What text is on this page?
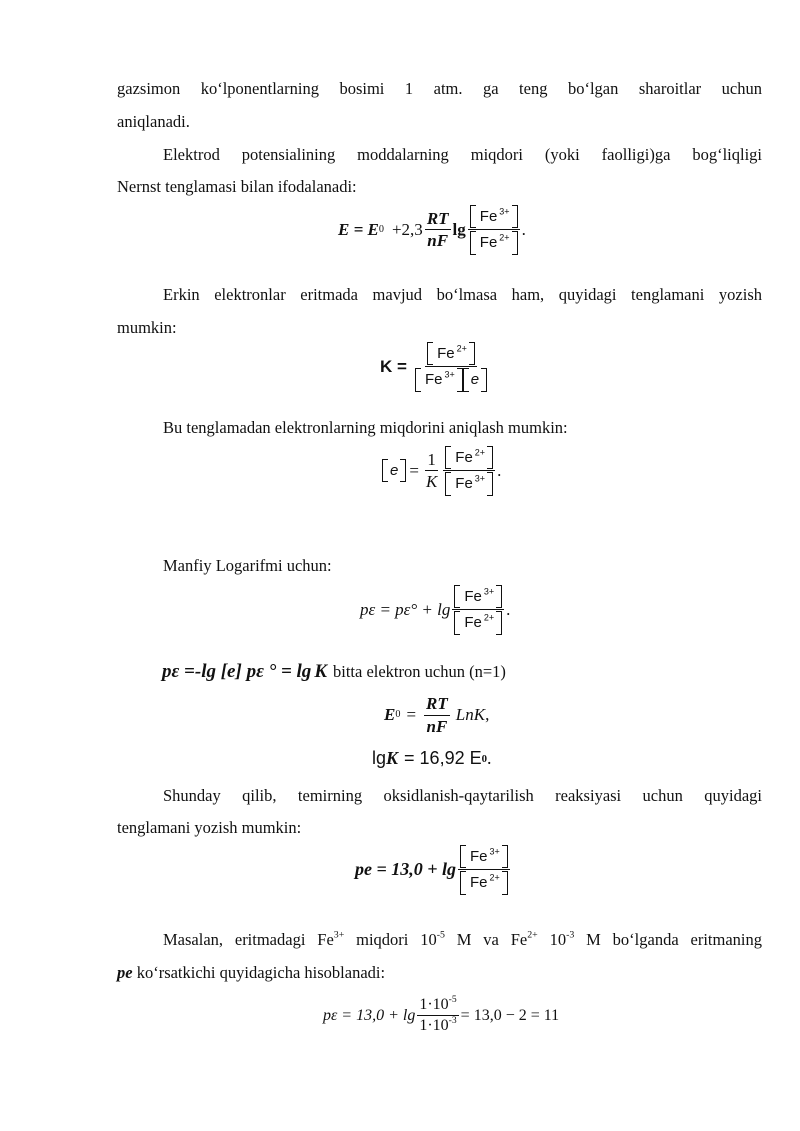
gazsimon ko‘lponentlarning bosimi 1 atm. ga teng bo‘lgan sharoitlar uchun
aniqlanadi.
Elektrod potensialining moddalarning miqdori (yoki faolligi)ga bog‘liqligi
Nernst tenglamasi bilan ifodalanadi:
E = E $0 +2,3 \frac{RT}{nF}$ $\lg \frac{Fe ^{3+}}{Fe ^{2+}}$ .
Erkin elektronlar eritmada mavjud bo‘lmasa ham, quyidagi tenglamani yozish
mumkin:
$K = \frac{Fe ^{2+}}{Fe ^{3+} e}$
Bu tenglamadan elektronlarning miqdorini aniqlash mumkin:
$e = \frac{1}{K} \frac{Fe ^{2+}}{Fe ^{3+}}$ .
Manfiy Logarifmi uchun:
$p\varepsilon = p\varepsilon^\circ + \lg \frac{Fe ^{3+}}{Fe ^{2+}}$ .
pε =-lg [e] pε ° = lg K bitta elektron uchun (n=1)
E $0 = \frac{RT}{nF}$ LnK ,
lg K = 16,92 E 0 .
Shunday qilib, temirning oksidlanish-qaytarilish reaksiyasi uchun quyidagi
tenglamani yozish mumkin:
pe = $13,0 + \lg \frac{Fe ^{3+}}{Fe ^{2+}}$
Masalan, eritmadagi $Fe^{3+}$ miqdori $10^{-5}$ M va $Fe^{2+}$ $10^{-3}$ M bo‘lganda eritmaning
pe ko‘rsatkichi quyidagicha hisoblanadi:
$p\varepsilon = 13,0 + \lg \frac{1\cdot 10^{-5}}{1\cdot 10^{-3}} = 13,0 - 2 = 11$
